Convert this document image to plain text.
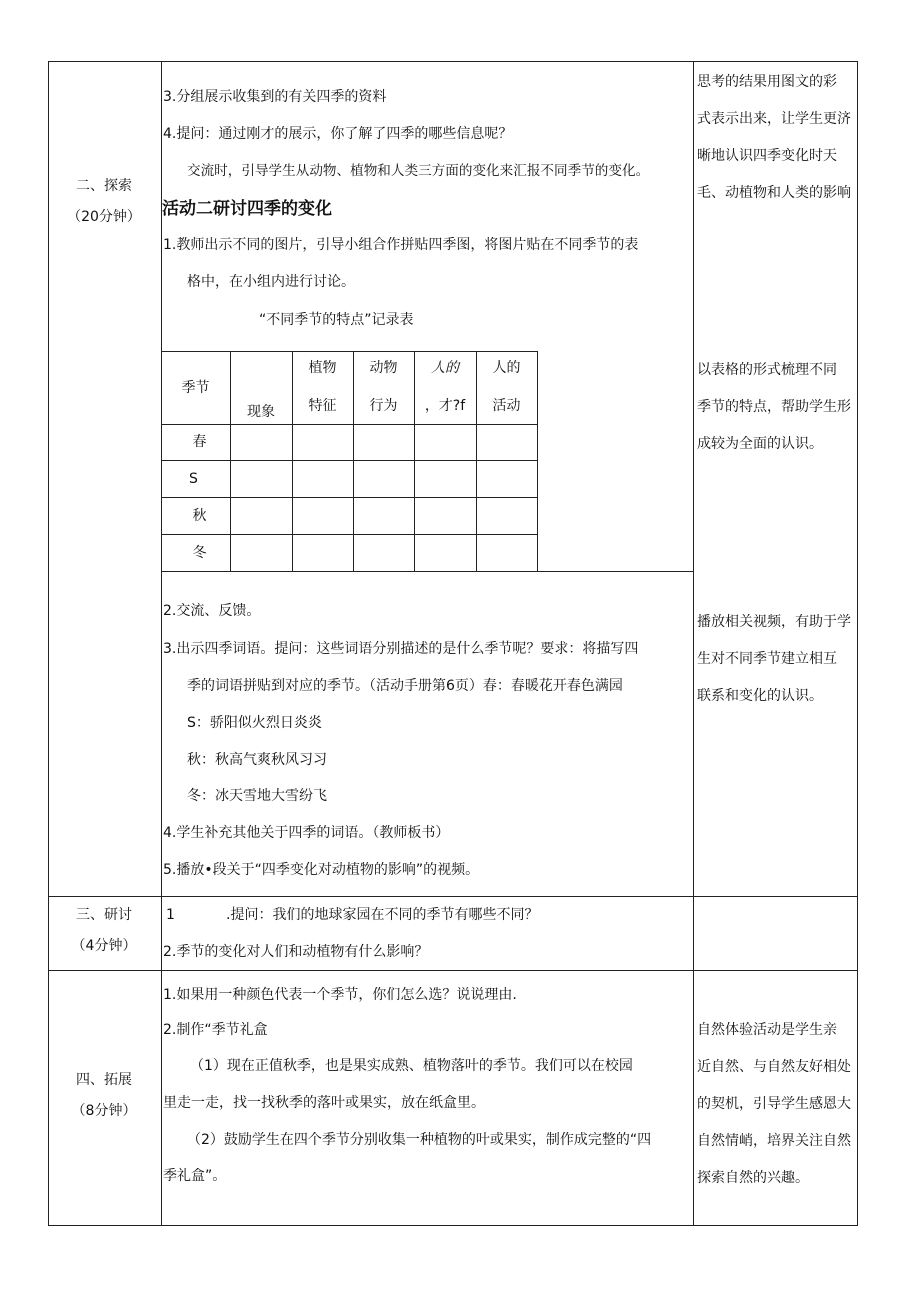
二、探索
（20分钟）
三、研讨
（4分钟）
四、拓展
（8分钟）
3.分组展示收集到的有关四季的资料
4.提问：通过刚才的展示，你了解了四季的哪些信息呢？
交流时，引导学生从动物、植物和人类三方面的变化来汇报不同季节的变化。
活动二研讨四季的变化
1.教师出示不同的图片，引导小组合作拼贴四季图，将图片贴在不同季节的表
格中，在小组内进行讨论。
“不同季节的特点”记录表
季节
现象
植物
特征
动物
行为
人的
，才?f
人的
活动
春
S
秋
冬
2.交流、反馈。
3.出示四季词语。提问：这些词语分别描述的是什么季节呢？要求：将描写四
季的词语拼贴到对应的季节。（活动手册第6页）春：春暖花开春色满园
S：骄阳似火烈日炎炎
秋：秋高气爽秋风习习
冬：冰天雪地大雪纷飞
4.学生补充其他关于四季的词语。（教师板书）
5.播放•段关于“四季变化对动植物的影响”的视频。
思考的结果用图文的彩
式表示出来，让学生更济
晰地认识四季变化时天
毛、动植物和人类的影响
以表格的形式梳理不同
季节的特点，帮助学生形
成较为全面的认识。
播放相关视频，有助于学
生对不同季节建立相互
联系和变化的认识。
自然体验活动是学生亲
近自然、与自然友好相处
的契机，引导学生感恩大
自然情峭，培界关注自然
探索自然的兴趣。
1	.提问：我们的地球家园在不同的季节有哪些不同？
2.季节的变化对人们和动植物有什么影响？
1.如果用一种颜色代表一个季节，你们怎么选？说说理由.
2.制作“季节礼盒
（1）现在正值秋季，也是果实成熟、植物落叶的季节。我们可以在校园
里走一走，找一找秋季的落叶或果实，放在纸盒里。
（2）鼓励学生在四个季节分别收集一种植物的叶或果实，制作成完整的“四
季礼盒”。
